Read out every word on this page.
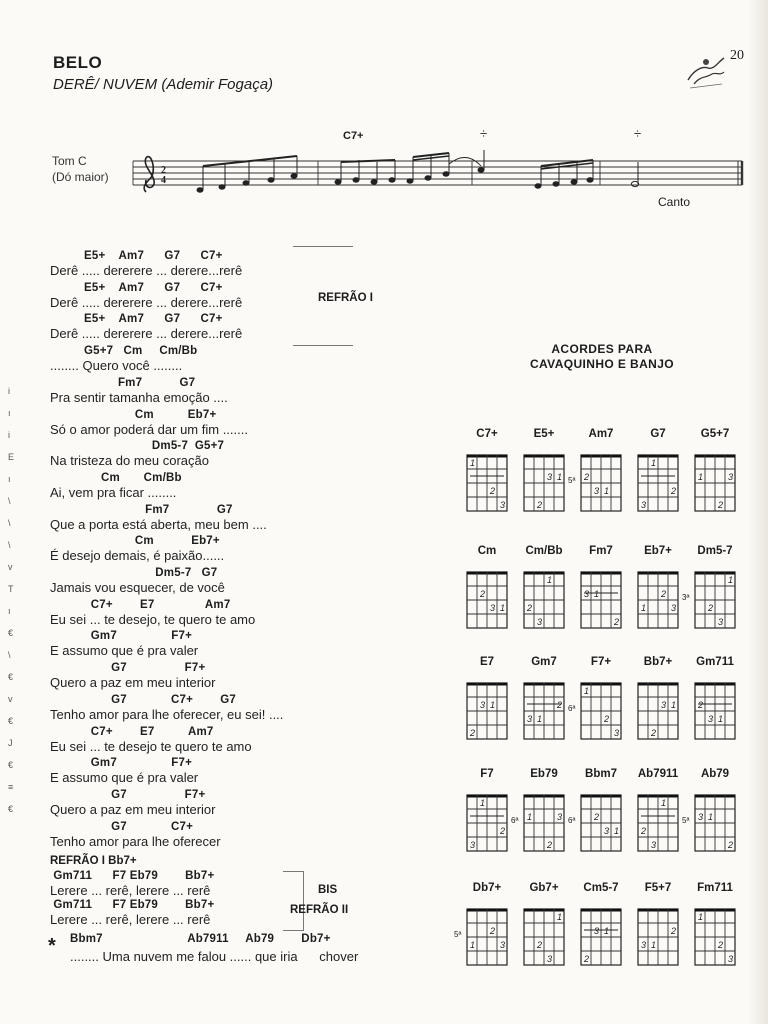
BELO
DERÊ/ NUVEM (Ademir Fogaça)
20
Tom C
(Dó maior)
C7+	÷	÷
Canto
2
4
i
ı
i
E
ı
\
\
\
v
T
ı
€
\
€
v
€
J
€
≡
€
E5+    Am7      G7      C7+
Derê ..... dererere ... derere...rerê
E5+    Am7      G7      C7+
Derê ..... dererere ... derere...rerê
E5+    Am7      G7      C7+
Derê ..... dererere ... derere...rerê
G5+7   Cm     Cm/Bb
........ Quero você ........
Fm7           G7
Pra sentir tamanha emoção ....
Cm          Eb7+
Só o amor poderá dar um fim .......
Dm5-7  G5+7
Na tristeza do meu coração
Cm       Cm/Bb
Ai, vem pra ficar ........
Fm7              G7
Que a porta está aberta, meu bem ....
Cm           Eb7+
É desejo demais, é paixão......
Dm5-7   G7
Jamais vou esquecer, de você
C7+        E7               Am7
Eu sei ... te desejo, te quero te amo
Gm7                F7+
E assumo que é pra valer
G7                 F7+
Quero a paz em meu interior
G7             C7+        G7
Tenho amor para lhe oferecer, eu sei! ....
C7+        E7          Am7
Eu sei ... te desejo te quero te amo
Gm7                F7+
E assumo que é pra valer
G7                 F7+
Quero a paz em meu interior
G7             C7+
Tenho amor para lhe oferecer
Gm711      F7 Eb79        Bb7+
Lerere ... rerê, lerere ... rerê
Gm711      F7 Eb79        Bb7+
Lerere ... rerê, lerere ... rerê
* Bbm7                         Ab7911     Ab79        Db7+
........ Uma nuvem me falou ...... que iria      chover
REFRÃO I
REFRÃO I Bb7+
BIS
REFRÃO II
ACORDES PARA
CAVAQUINHO E BANJO
C7+
1
2
3
E5+
1
2
3
Am7
1
2
3
G7
1
2
3
G5+7
1
2
3
Cm
1
2
3
Cm/Bb
1
2
3
Fm7
1
2
3
Eb7+
1
2
3
Dm5-7
1
2
3
E7
1
2
3
Gm7
1
2
3
F7+
1
2
3
Bb7+
1
2
3
Gm711
1
2
3
F7
1
2
3
Eb79
1
2
3
Bbm7
1
2
3
Ab7911
1
2
3
Ab79
1
2
3
Db7+
1
2
3
Gb7+
1
2
3
Cm5-7
1
2
3
F5+7
1
2
3
Fm711
1
2
3
5ª
3ª
6ª
6ª	6ª	5ª
5ª
